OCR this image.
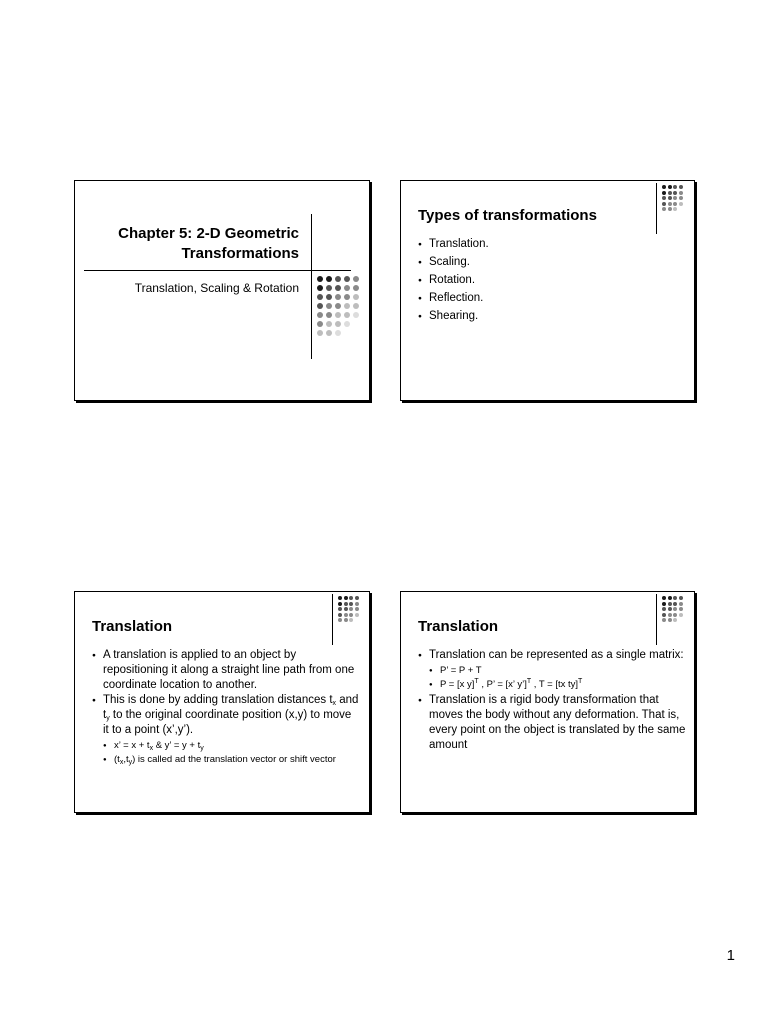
Chapter 5: 2-D Geometric
Transformations
Translation, Scaling & Rotation
Types of transformations
● Translation.
● Scaling.
● Rotation.
● Reflection.
● Shearing.
Translation
● A translation is applied to an object by repositioning it along a straight line path from one coordinate location to another.
● This is done by adding translation distances $t_x$ and $t_y$ to the original coordinate position (x,y) to move it to a point (x’,y’).
● x’ = $x + t_x$ & y’ = $y + t_y$
● $(t_x,t_y)$ is called ad the translation vector or shift vector
Translation
● Translation can be represented as a single matrix:
● P’ = P + T
● P = [x y]$^T$ , P’ = [x’ y’]$^T$ , T = [tx ty]$^T$
● Translation is a rigid body transformation that moves the body without any deformation. That is, every point on the object is translated by the same amount
1
